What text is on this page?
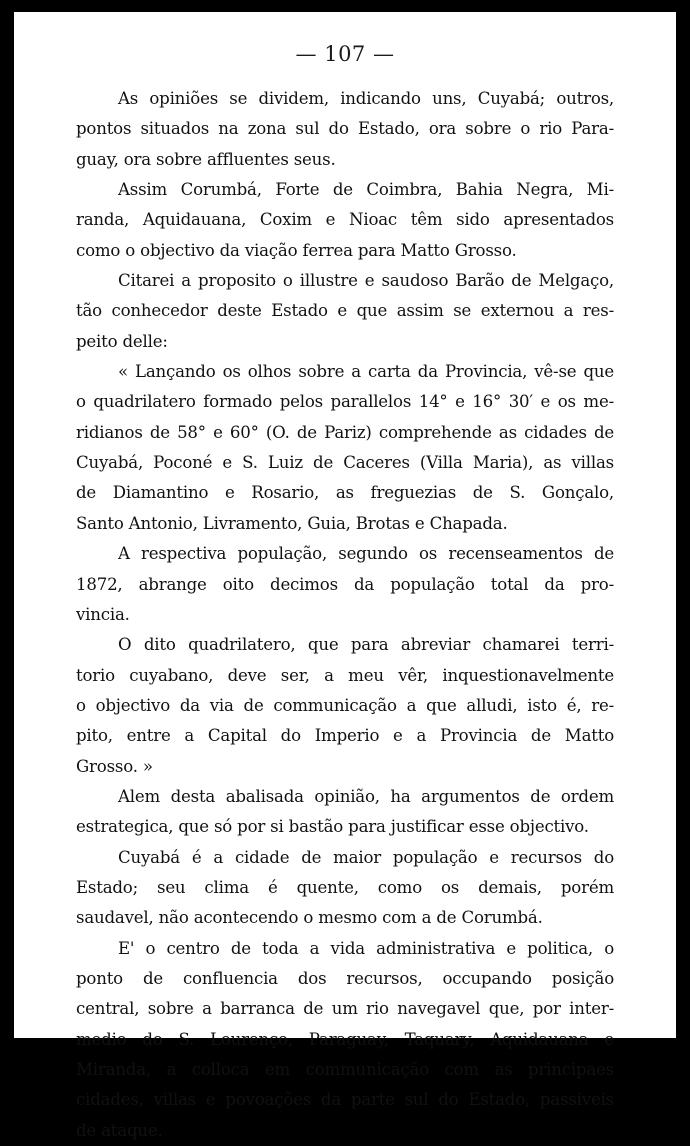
— 107 —
As opiniões se dividem, indicando uns, Cuyabá; outros,
pontos situados na zona sul do Estado, ora sobre o rio Para-
guay, ora sobre affluentes seus.
Assim Corumbá, Forte de Coimbra, Bahia Negra, Mi-
randa, Aquidauana, Coxim e Nioac têm sido apresentados
como o objectivo da viação ferrea para Matto Grosso.
Citarei a proposito o illustre e saudoso Barão de Melgaço,
tão conhecedor deste Estado e que assim se externou a res-
peito delle:
« Lançando os olhos sobre a carta da Provincia, vê-se que
o quadrilatero formado pelos parallelos 14° e 16° 30′ e os me-
ridianos de 58° e 60° (O. de Pariz) comprehende as cidades de
Cuyabá, Poconé e S. Luiz de Caceres (Villa Maria), as villas
de Diamantino e Rosario, as freguezias de S. Gonçalo,
Santo Antonio, Livramento, Guia, Brotas e Chapada.
A respectiva população, segundo os recenseamentos de
1872, abrange oito decimos da população total da pro-
vincia.
O dito quadrilatero, que para abreviar chamarei terri-
torio cuyabano, deve ser, a meu vêr, inquestionavelmente
o objectivo da via de communicação a que alludi, isto é, re-
pito, entre a Capital do Imperio e a Provincia de Matto
Grosso. »
Alem desta abalisada opinião, ha argumentos de ordem
estrategica, que só por si bastão para justificar esse objectivo.
Cuyabá é a cidade de maior população e recursos do
Estado; seu clima é quente, como os demais, porém
saudavel, não acontecendo o mesmo com a de Corumbá.
E' o centro de toda a vida administrativa e politica, o
ponto de confluencia dos recursos, occupando posição
central, sobre a barranca de um rio navegavel que, por inter-
medio do S. Lourenço, Paraguay, Taquary, Aquidauana e
Miranda, a colloca em communicação com as principaes
cidades, villas e povoações da parte sul do Estado, passiveis
de ataque.
